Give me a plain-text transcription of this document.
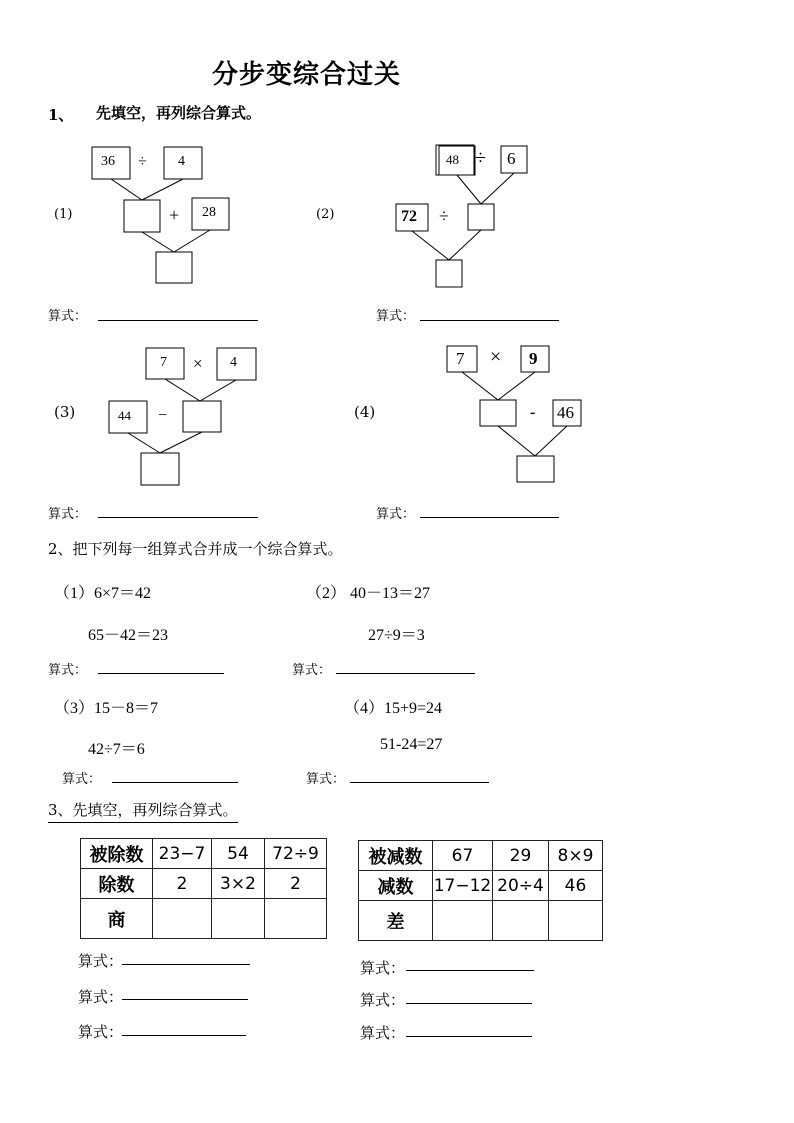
分步变综合过关
1、 先填空，再列综合算式。
(1)
36 ÷ 4
+ 28	(2)
48 ÷ 6
72 ÷
(3)
7 × 4
44 −	(4)
7 × 9
- 46
算式：	算式：
算式：	算式：
2、把下列每一组算式合并成一个综合算式。
（1）6×7＝42
65－42＝23
（2） 40－13＝27
27÷9＝3
算式：	算式：
（3）15－8＝7
42÷7＝6
（4）15+9=24
51-24=27
算式：	算式：
3、先填空，再列综合算式。
被除数	23−7	54	72÷9
除数	2	3×2	2
商			
被减数	67	29	8×9
减数	17−12	20÷4	46
差			
算式：
算式：
算式：
算式：
算式：
算式：
